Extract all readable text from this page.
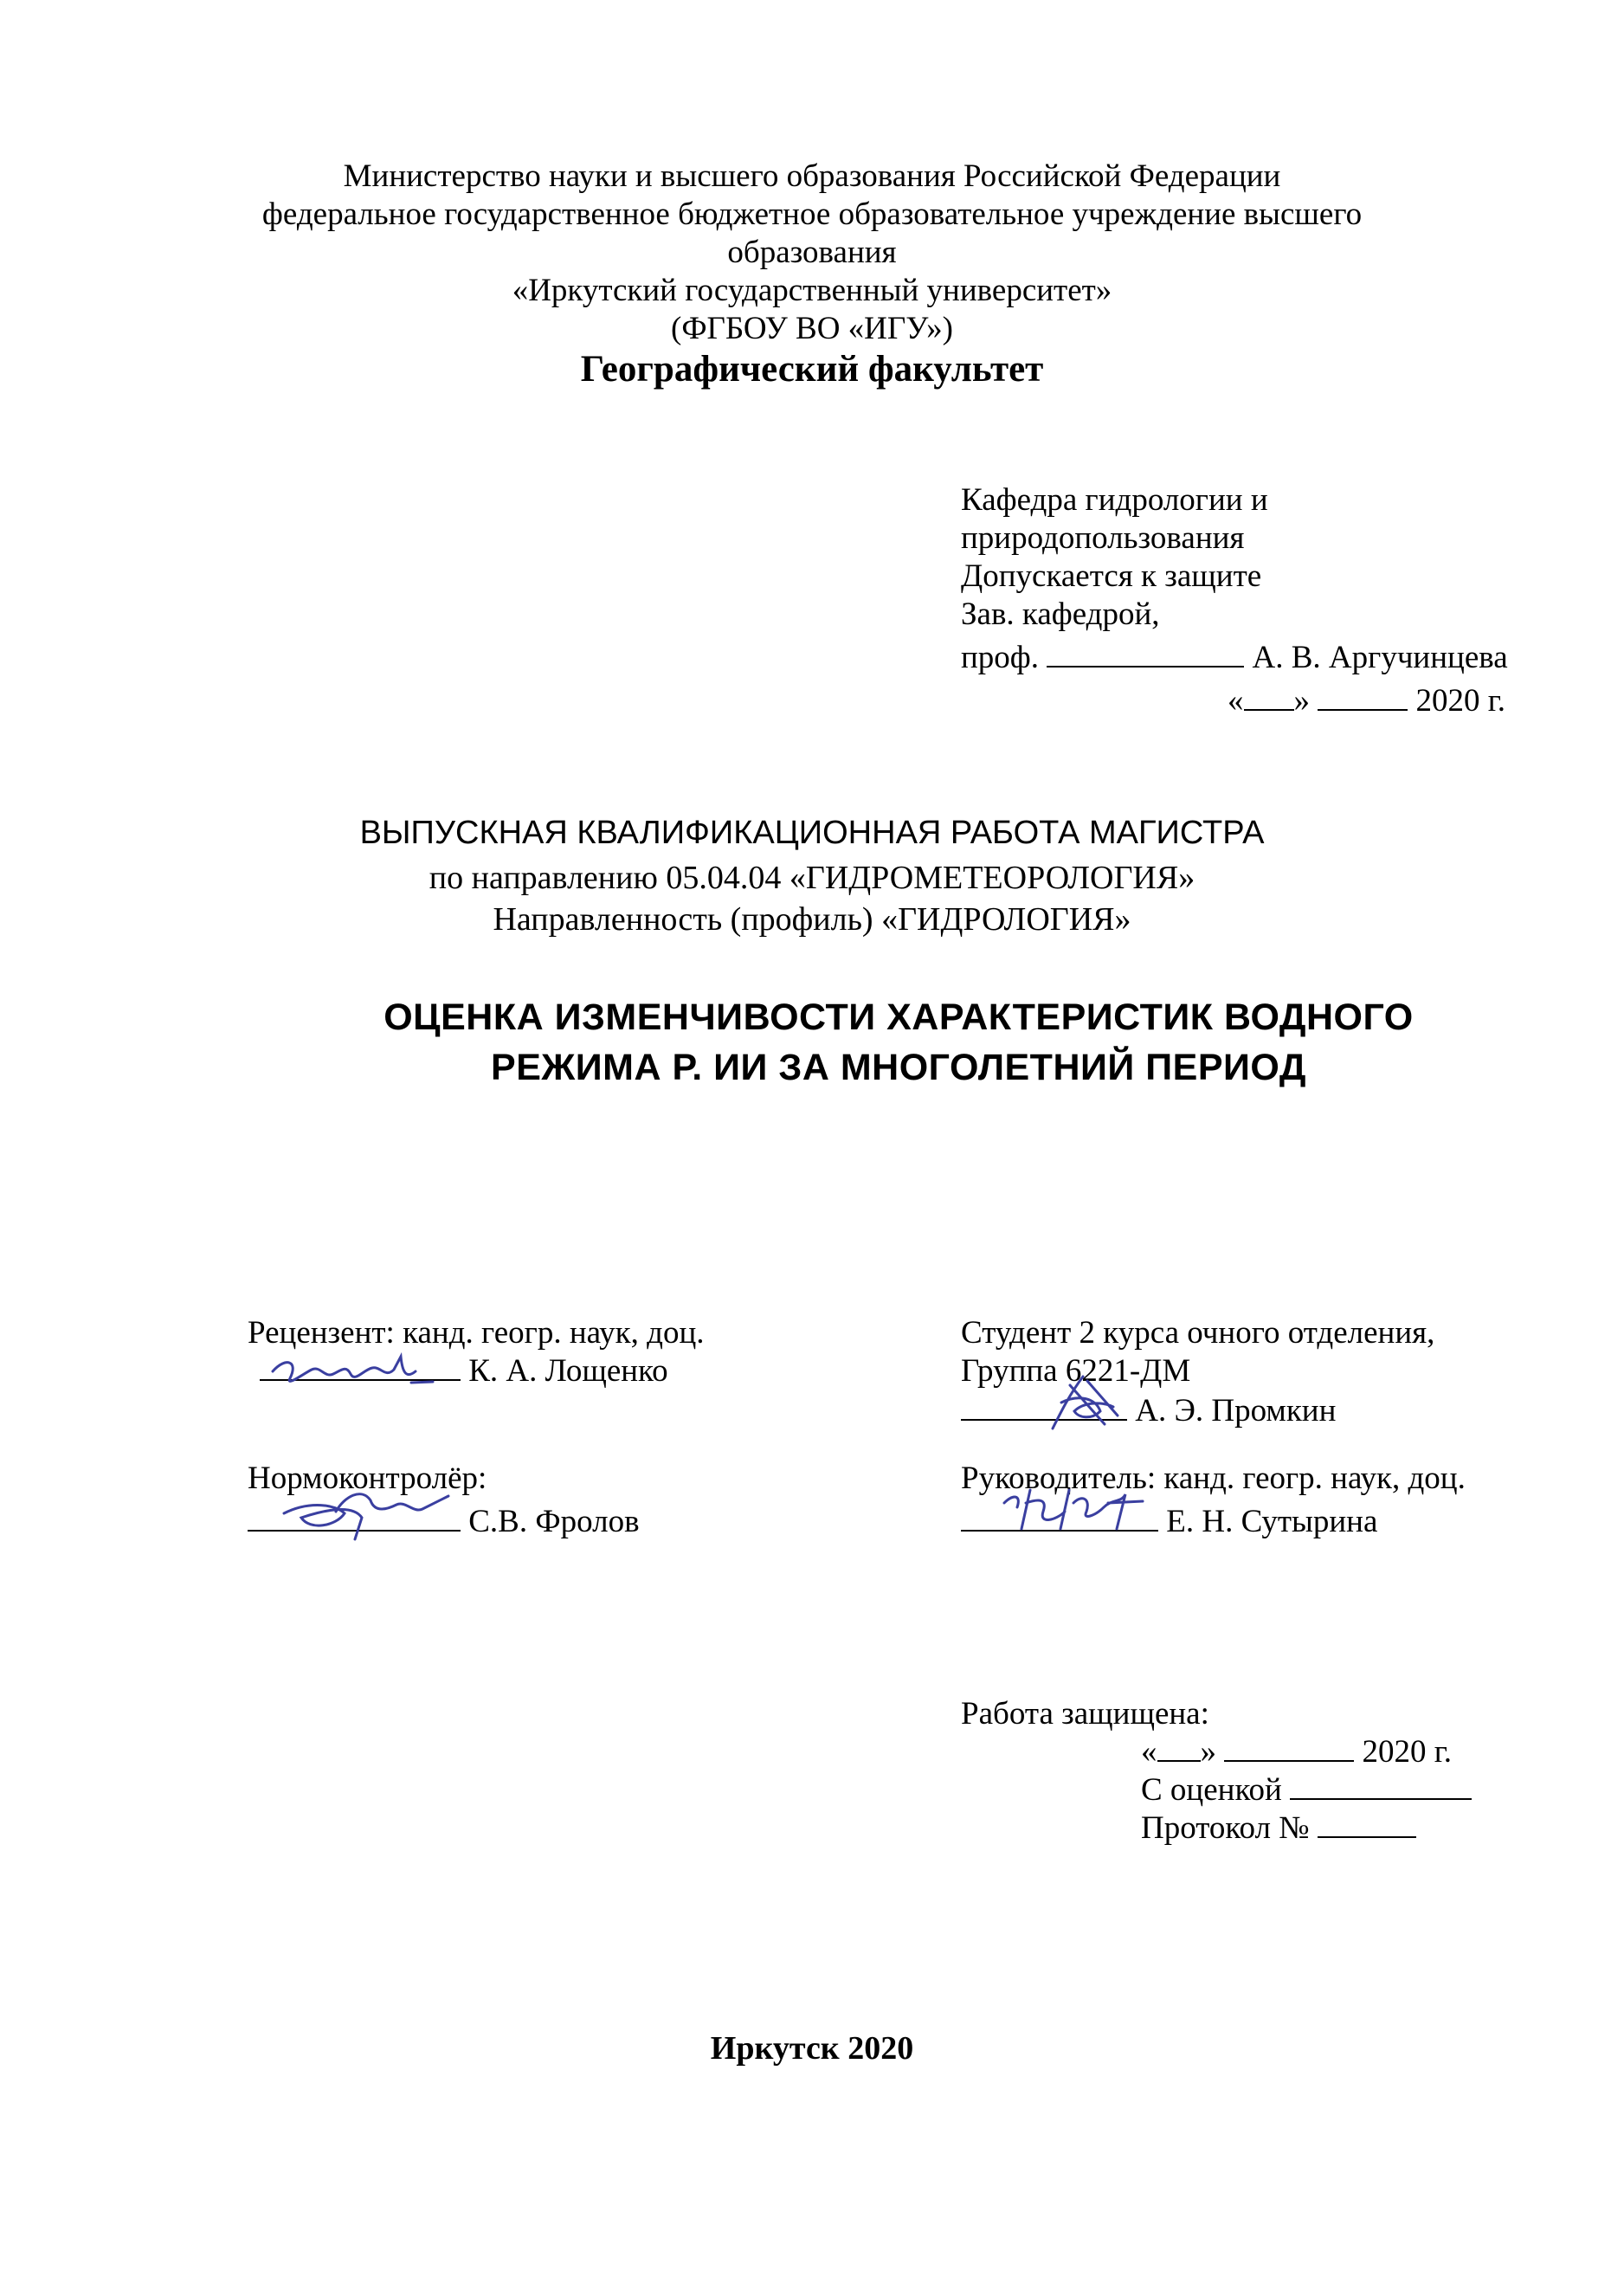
Министерство науки и высшего образования Российской Федерации
федеральное государственное бюджетное образовательное учреждение высшего
образования
«Иркутский государственный университет»
(ФГБОУ ВО «ИГУ»)
Географический факультет
Кафедра гидрологии и
природопользования
Допускается к защите
Зав. кафедрой,
проф.	А. В. Аргучинцева
« »	2020 г.
ВЫПУСКНАЯ КВАЛИФИКАЦИОННАЯ РАБОТА МАГИСТРА
по направлению 05.04.04 «ГИДРОМЕТЕОРОЛОГИЯ»
Направленность (профиль) «ГИДРОЛОГИЯ»
ОЦЕНКА ИЗМЕНЧИВОСТИ ХАРАКТЕРИСТИК ВОДНОГО
РЕЖИМА Р. ИИ ЗА МНОГОЛЕТНИЙ ПЕРИОД
Рецензент: канд. геогр. наук, доц.
К. А. Лощенко
Нормоконтролёр:
С.В. Фролов
Студент 2 курса очного отделения,
Группа 6221-ДМ
А. Э. Промкин
Руководитель: канд. геогр. наук, доц.
Е. Н. Сутырина
Работа защищена:
« »	2020 г.
С оценкой
Протокол №
Иркутск 2020
